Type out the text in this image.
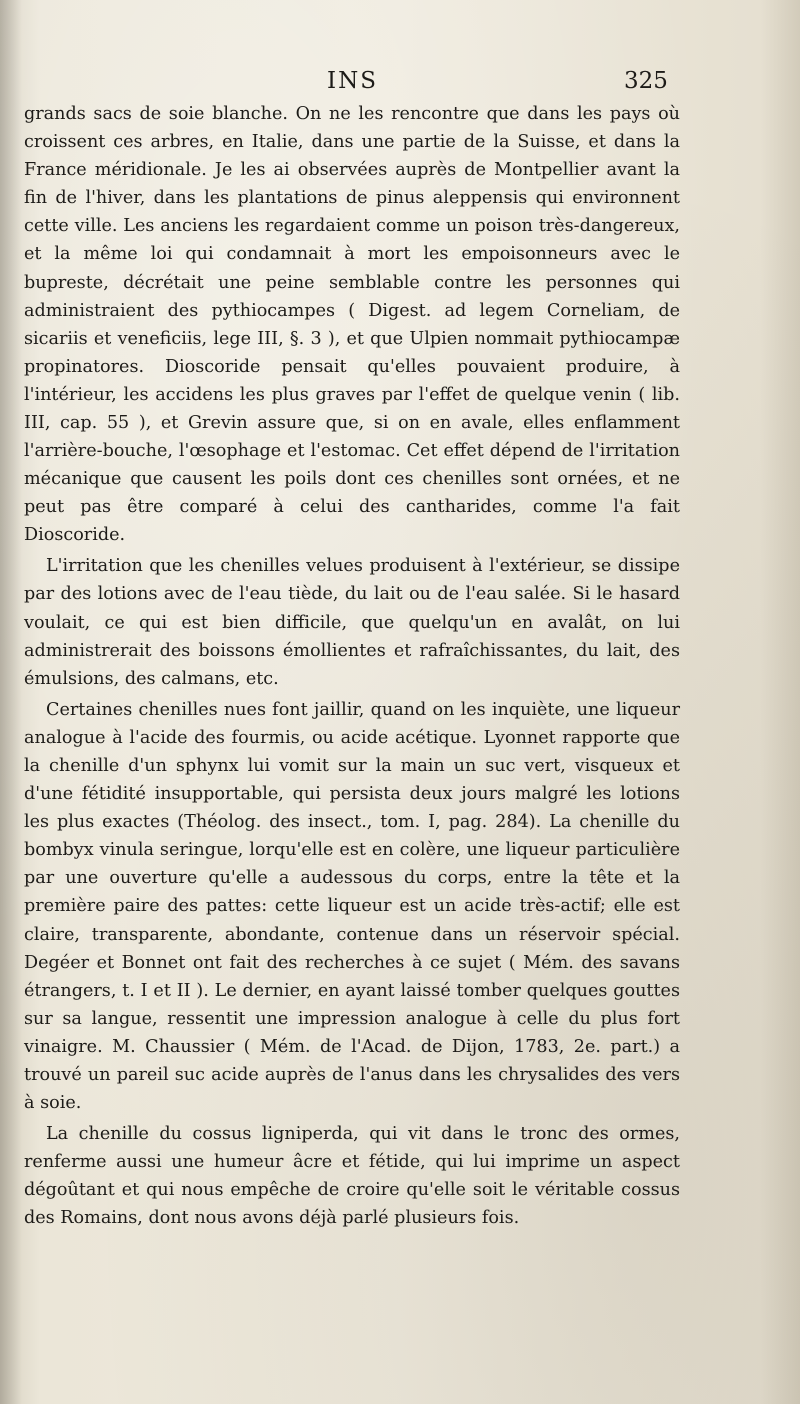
INS	325

grands sacs de soie blanche. On ne les rencontre que dans les pays où croissent ces arbres, en Italie, dans une partie de la Suisse, et dans la France méridionale. Je les ai observées auprès de Montpellier avant la fin de l'hiver, dans les plantations de pinus aleppensis qui environnent cette ville. Les anciens les regardaient comme un poison très-dangereux, et la même loi qui condamnait à mort les empoisonneurs avec le bupreste, décrétait une peine semblable contre les personnes qui administraient des pythiocampes ( Digest. ad legem Corneliam, de sicariis et veneficiis, lege III, §. 3 ), et que Ulpien nommait pythiocampæ propinatores. Dioscoride pensait qu'elles pouvaient produire, à l'intérieur, les accidens les plus graves par l'effet de quelque venin ( lib. III, cap. 55 ), et Grevin assure que, si on en avale, elles enflamment l'arrière-bouche, l'œsophage et l'estomac. Cet effet dépend de l'irritation mécanique que causent les poils dont ces chenilles sont ornées, et ne peut pas être comparé à celui des cantharides, comme l'a fait Dioscoride.

L'irritation que les chenilles velues produisent à l'extérieur, se dissipe par des lotions avec de l'eau tiède, du lait ou de l'eau salée. Si le hasard voulait, ce qui est bien difficile, que quelqu'un en avalât, on lui administrerait des boissons émollientes et rafraîchissantes, du lait, des émulsions, des calmans, etc.

Certaines chenilles nues font jaillir, quand on les inquiète, une liqueur analogue à l'acide des fourmis, ou acide acétique. Lyonnet rapporte que la chenille d'un sphynx lui vomit sur la main un suc vert, visqueux et d'une fétidité insupportable, qui persista deux jours malgré les lotions les plus exactes (Théolog. des insect., tom. I, pag. 284). La chenille du bombyx vinula seringue, lorqu'elle est en colère, une liqueur particulière par une ouverture qu'elle a audessous du corps, entre la tête et la première paire des pattes: cette liqueur est un acide très-actif; elle est claire, transparente, abondante, contenue dans un réservoir spécial. Degéer et Bonnet ont fait des recherches à ce sujet ( Mém. des savans étrangers, t. I et II ). Le dernier, en ayant laissé tomber quelques gouttes sur sa langue, ressentit une impression analogue à celle du plus fort vinaigre. M. Chaussier ( Mém. de l'Acad. de Dijon, 1783, 2e. part.) a trouvé un pareil suc acide auprès de l'anus dans les chrysalides des vers à soie.

La chenille du cossus ligniperda, qui vit dans le tronc des ormes, renferme aussi une humeur âcre et fétide, qui lui imprime un aspect dégoûtant et qui nous empêche de croire qu'elle soit le véritable cossus des Romains, dont nous avons déjà parlé plusieurs fois.
